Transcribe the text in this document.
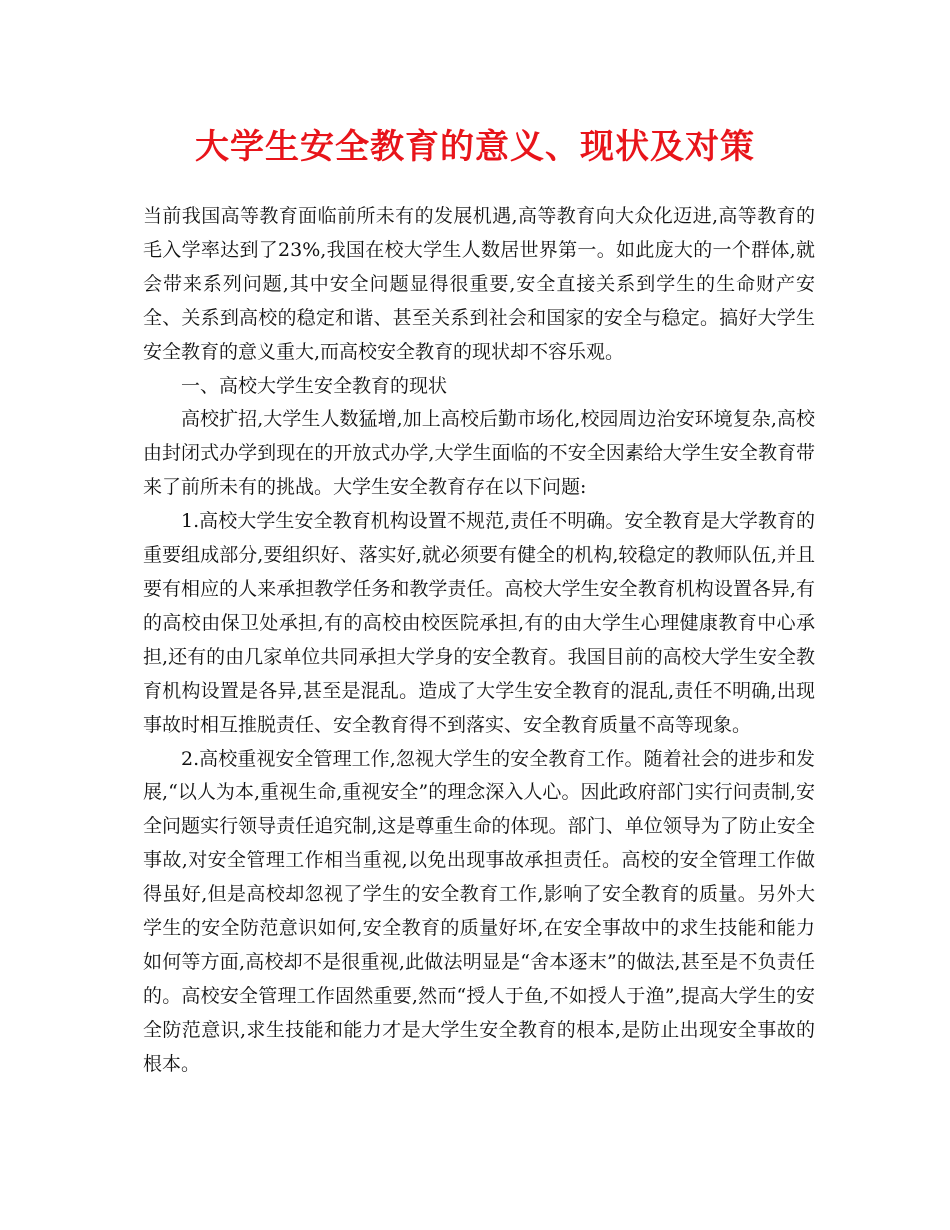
大学生安全教育的意义、现状及对策

当前我国高等教育面临前所未有的发展机遇,高等教育向大众化迈进,高等教育的毛入学率达到了23%,我国在校大学生人数居世界第一。如此庞大的一个群体,就会带来系列问题,其中安全问题显得很重要,安全直接关系到学生的生命财产安全、关系到高校的稳定和谐、甚至关系到社会和国家的安全与稳定。搞好大学生安全教育的意义重大,而高校安全教育的现状却不容乐观。

一、高校大学生安全教育的现状

高校扩招,大学生人数猛增,加上高校后勤市场化,校园周边治安环境复杂,高校由封闭式办学到现在的开放式办学,大学生面临的不安全因素给大学生安全教育带来了前所未有的挑战。大学生安全教育存在以下问题:

1.高校大学生安全教育机构设置不规范,责任不明确。安全教育是大学教育的重要组成部分,要组织好、落实好,就必须要有健全的机构,较稳定的教师队伍,并且要有相应的人来承担教学任务和教学责任。高校大学生安全教育机构设置各异,有的高校由保卫处承担,有的高校由校医院承担,有的由大学生心理健康教育中心承担,还有的由几家单位共同承担大学身的安全教育。我国目前的高校大学生安全教育机构设置是各异,甚至是混乱。造成了大学生安全教育的混乱,责任不明确,出现事故时相互推脱责任、安全教育得不到落实、安全教育质量不高等现象。

2.高校重视安全管理工作,忽视大学生的安全教育工作。随着社会的进步和发展,“以人为本,重视生命,重视安全”的理念深入人心。因此政府部门实行问责制,安全问题实行领导责任追究制,这是尊重生命的体现。部门、单位领导为了防止安全事故,对安全管理工作相当重视,以免出现事故承担责任。高校的安全管理工作做得虽好,但是高校却忽视了学生的安全教育工作,影响了安全教育的质量。另外大学生的安全防范意识如何,安全教育的质量好坏,在安全事故中的求生技能和能力如何等方面,高校却不是很重视,此做法明显是“舍本逐末”的做法,甚至是不负责任的。高校安全管理工作固然重要,然而“授人于鱼,不如授人于渔”,提高大学生的安全防范意识,求生技能和能力才是大学生安全教育的根本,是防止出现安全事故的根本。
